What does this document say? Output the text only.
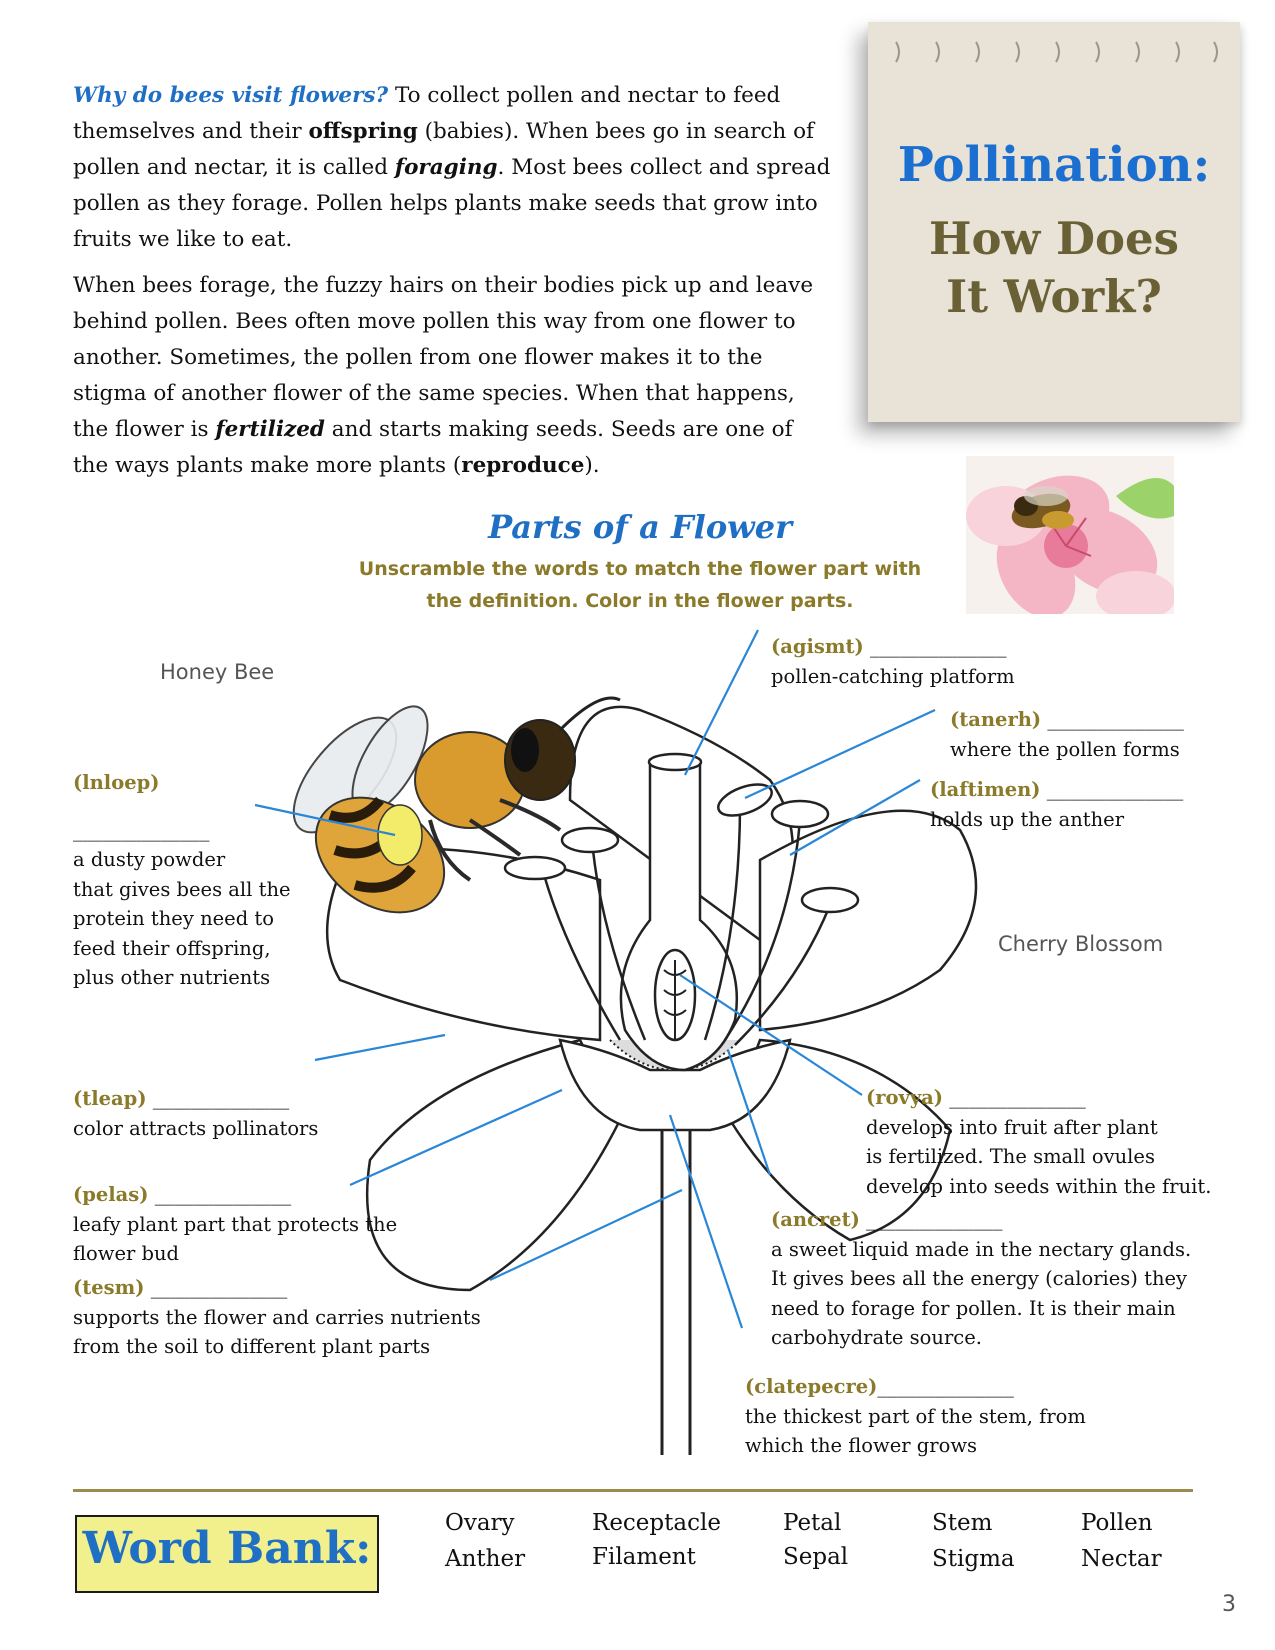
Why do bees visit flowers? To collect pollen and nectar to feed themselves and their offspring (babies). When bees go in search of pollen and nectar, it is called foraging. Most bees collect and spread pollen as they forage. Pollen helps plants make seeds that grow into fruits we like to eat.

When bees forage, the fuzzy hairs on their bodies pick up and leave behind pollen. Bees often move pollen this way from one flower to another. Sometimes, the pollen from one flower makes it to the stigma of another flower of the same species. When that happens, the flower is fertilized and starts making seeds. Seeds are one of the ways plants make more plants (reproduce).

Pollination:
How Does
It Work?
Parts of a Flower
Unscramble the words to match the flower part with
the definition. Color in the flower parts.
Honey Bee
Cherry Blossom
(agismt) ______________
pollen-catching platform
(tanerh) ______________
where the pollen forms
(laftimen) ______________
holds up the anther
(lnloep)
______________
a dusty powder
that gives bees all the
protein they need to
feed their offspring,
plus other nutrients
(tleap) ______________
color attracts pollinators
(pelas) ______________
leafy plant part that protects the
flower bud
(tesm) ______________
supports the flower and carries nutrients
from the soil to different plant parts
(rovya) ______________
develops into fruit after plant
is fertilized. The small ovules
develop into seeds within the fruit.
(ancret) ______________
a sweet liquid made in the nectary glands.
It gives bees all the energy (calories) they
need to forage for pollen. It is their main
carbohydrate source.
(clatepecre)______________
the thickest part of the stem, from
which the flower grows
Word Bank:	Ovary
Anther
Receptacle
Filament
Petal
Sepal
Stem
Stigma
Pollen
Nectar
3
